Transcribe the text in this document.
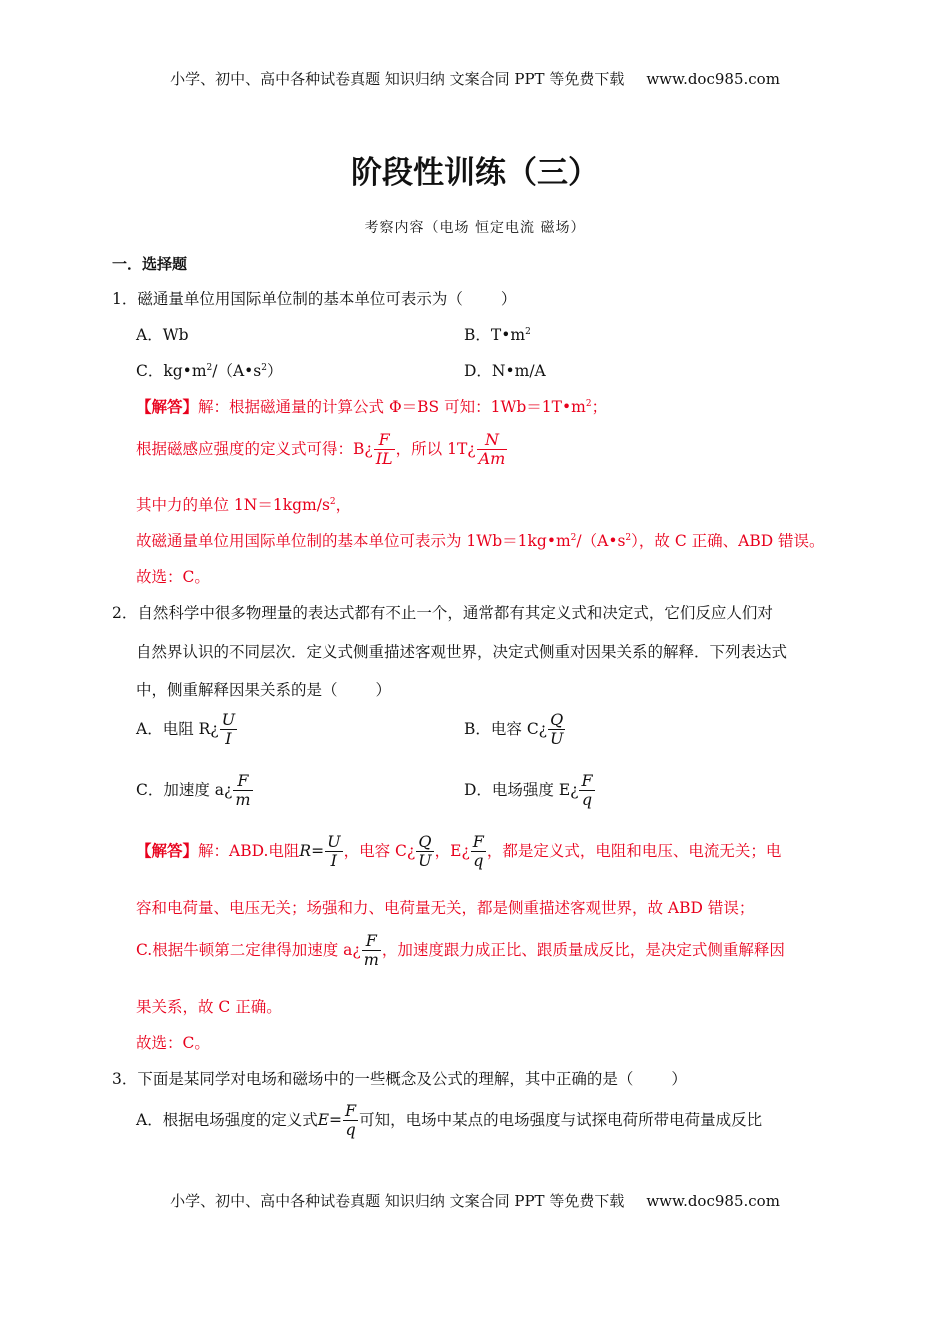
小学、初中、高中各种试卷真题 知识归纳 文案合同 PPT 等免费下载 www.doc985.com
阶段性训练（三）
考察内容（电场 恒定电流 磁场）
一．选择题
1．磁通量单位用国际单位制的基本单位可表示为（ ）
A．Wb	B．$T•m^2$
C．$kg•m^2/(A•s^2)$	D．N•m/A
【解答】解：根据磁通量的计算公式 Φ＝BS 可知：$1Wb=1T•m^2$；
根据磁感应强度的定义式可得：B¿ $\frac{F}{IL}$ ，所以 1T¿ $\frac{N}{Am}$
其中力的单位 $1N=1kgm/s^2$，
故磁通量单位用国际单位制的基本单位可表示为 $1Wb=1kg•m^2/(A•s^2)$，故 C 正确、ABD 错误。
故选：C。
2．自然科学中很多物理量的表达式都有不止一个，通常都有其定义式和决定式，它们反应人们对
自然界认识的不同层次．定义式侧重描述客观世界，决定式侧重对因果关系的解释．下列表达式
中，侧重解释因果关系的是（ ）
A．电阻 R¿ $\frac{U}{I}$	B．电容 C¿ $\frac{Q}{U}$
C．加速度 a¿ $\frac{F}{m}$	D．电场强度 E¿ $\frac{F}{q}$
【解答】解：ABD.电阻$R= \frac{U}{I}$ ，电容 C¿ $\frac{Q}{U}$ ，E¿ $\frac{F}{q}$ ，都是定义式，电阻和电压、电流无关；电
容和电荷量、电压无关；场强和力、电荷量无关，都是侧重描述客观世界，故 ABD 错误；
C.根据牛顿第二定律得加速度 a¿ $\frac{F}{m}$ ，加速度跟力成正比、跟质量成反比，是决定式侧重解释因
果关系，故 C 正确。
故选：C。
3．下面是某同学对电场和磁场中的一些概念及公式的理解，其中正确的是（ ）
A．根据电场强度的定义式$E= \frac{F}{q}$ 可知，电场中某点的电场强度与试探电荷所带电荷量成反比
小学、初中、高中各种试卷真题 知识归纳 文案合同 PPT 等免费下载 www.doc985.com
